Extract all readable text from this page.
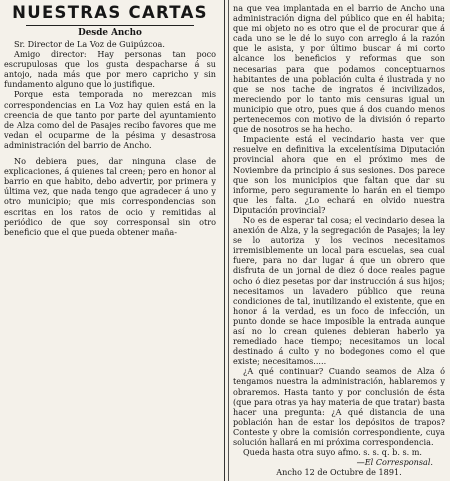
NUESTRAS CARTAS
Desde Ancho

Sr. Director de La Voz de Guipúzcoa.

Amigo director: Hay personas tan poco escrupulosas que los gusta despacharse á su antojo, nada más que por mero capricho y sin fundamento alguno que lo justifique.

Porque esta temporada no merezcan mis correspondencias en La Voz hay quien está en la creencia de que tanto por parte del ayuntamiento de Alza como del de Pasajes recibo favores que me vedan el ocuparme de la pésima y desastrosa administración del barrio de Ancho.

No debiera pues, dar ninguna clase de explicaciones, á quienes tal creen; pero en honor al barrio en que habito, debo advertir, por primera y última vez, que nada tengo que agradecer á uno y otro municipio; que mis correspondencias son escritas en los ratos de ocio y remitidas al periódico de que soy corresponsal sin otro beneficio que el que pueda obtener maña-

na que vea implantada en el barrio de Ancho una administración digna del público que en él habita; que mi objeto no es otro que el de procurar que á cada uno se le dé lo suyo con arreglo á la razón que le asista, y por último buscar á mi corto alcance los beneficios y reformas que son necesarias para que podamos conceptuarnos habitantes de una población culta é ilustrada y no que se nos tache de ingratos é incivilizados, mereciendo por lo tanto mis censuras igual un municipio que otro, pues que á dos cuando menos pertenecemos con motivo de la división ó reparto que de nosotros se ha hecho.

Impaciente está el vecindario hasta ver que resuelve en definitiva la excelentísima Diputación provincial ahora que en el próximo mes de Noviembre da principio á sus sesiones. Dos parece que son los municipios que faltan que dar su informe, pero seguramente lo harán en el tiempo que les falta. ¿Lo echará en olvido nuestra Diputación provincial?

No es de esperar tal cosa; el vecindario desea la anexión de Alza, y la segregación de Pasajes; la ley se lo autoriza y los vecinos necesitamos irremisiblemente un local para escuelas, sea cual fuere, para no dar lugar á que un obrero que disfruta de un jornal de diez ó doce reales pague ocho ó diez pesetas por dar instrucción á sus hijos; necesitamos un lavadero público que reuna condiciones de tal, inutilizando el existente, que en honor á la verdad, es un foco de infección, un punto donde se hace imposible la entrada aunque así no lo crean quienes debieran haberlo ya remediado hace tiempo; necesitamos un local destinado á culto y no bodegones como el que existe; necesitamos.....

¿A qué continuar? Cuando seamos de Alza ó tengamos nuestra la administración, hablaremos y obraremos. Hasta tanto y por conclusión de ésta (que para otras ya hay materia de que tratar) basta hacer una pregunta: ¿A qué distancia de una población han de estar los depósitos de trapos? Conteste y obre la comisión correspondiente, cuya solución hallará en mi próxima correspondencia.

Queda hasta otra suyo afmo. s. s. q. b. s. m.

—El Corresponsal.

Ancho 12 de Octubre de 1891.
